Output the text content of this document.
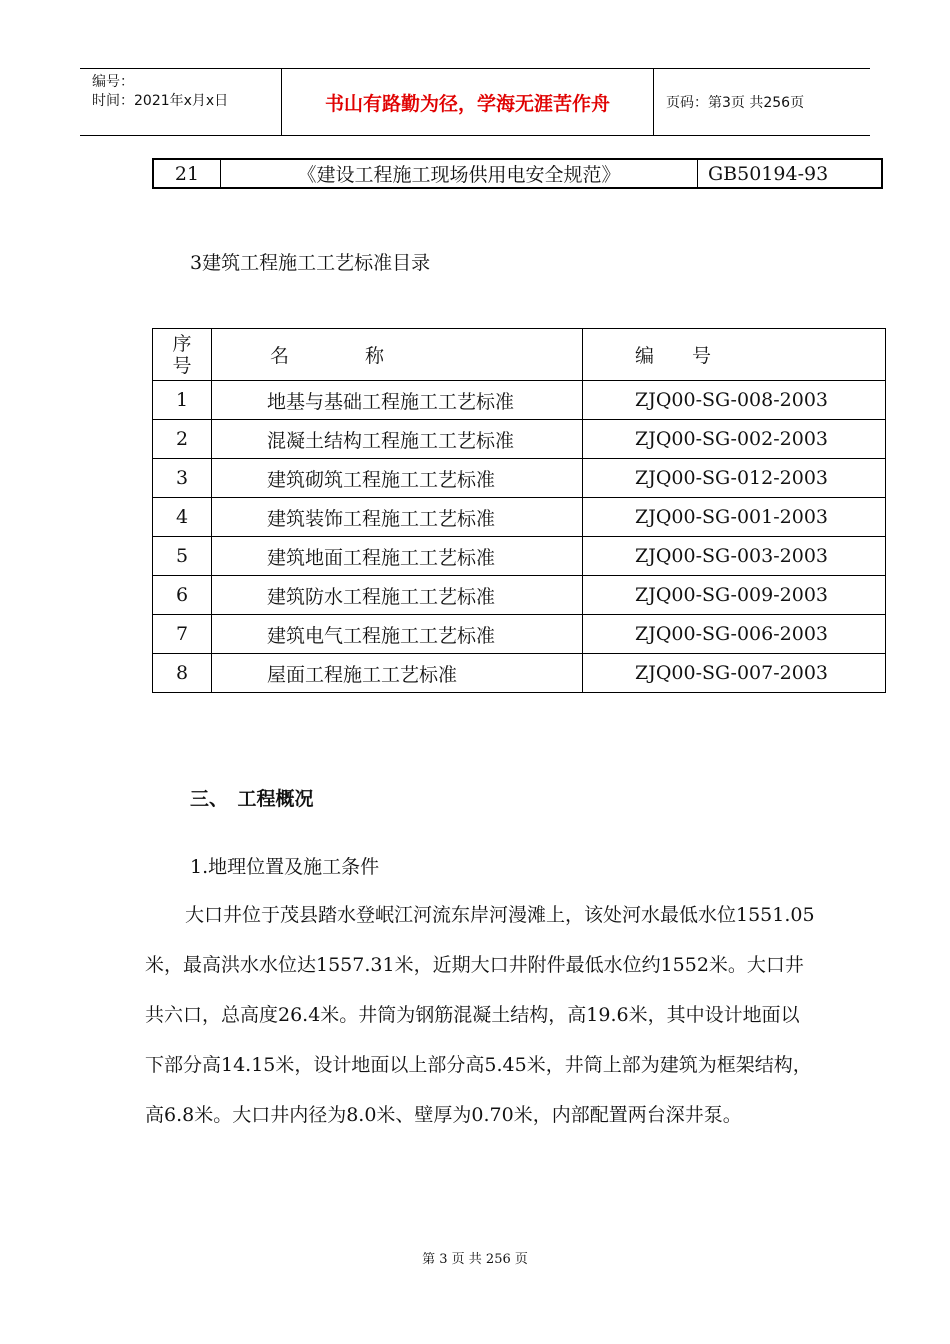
编号：
时间：2021年x月x日	书山有路勤为径，学海无涯苦作舟	页码：第3页 共256页
21	《建设工程施工现场供用电安全规范》	GB50194-93
3建筑工程施工工艺标准目录
序
号	名　　　　称	编　　号
1	地基与基础工程施工工艺标准	ZJQ00-SG-008-2003
2	混凝土结构工程施工工艺标准	ZJQ00-SG-002-2003
3	建筑砌筑工程施工工艺标准	ZJQ00-SG-012-2003
4	建筑装饰工程施工工艺标准	ZJQ00-SG-001-2003
5	建筑地面工程施工工艺标准	ZJQ00-SG-003-2003
6	建筑防水工程施工工艺标准	ZJQ00-SG-009-2003
7	建筑电气工程施工工艺标准	ZJQ00-SG-006-2003
8	屋面工程施工工艺标准	ZJQ00-SG-007-2003
三、　工程概况
1.地理位置及施工条件
大口井位于茂县踏水登岷江河流东岸河漫滩上，该处河水最低水位1551.05米，最高洪水水位达1557.31米，近期大口井附件最低水位约1552米。大口井共六口，总高度26.4米。井筒为钢筋混凝土结构，高19.6米，其中设计地面以下部分高14.15米，设计地面以上部分高5.45米，井筒上部为建筑为框架结构，高6.8米。大口井内径为8.0米、壁厚为0.70米，内部配置两台深井泵。
第 3 页 共 256 页
